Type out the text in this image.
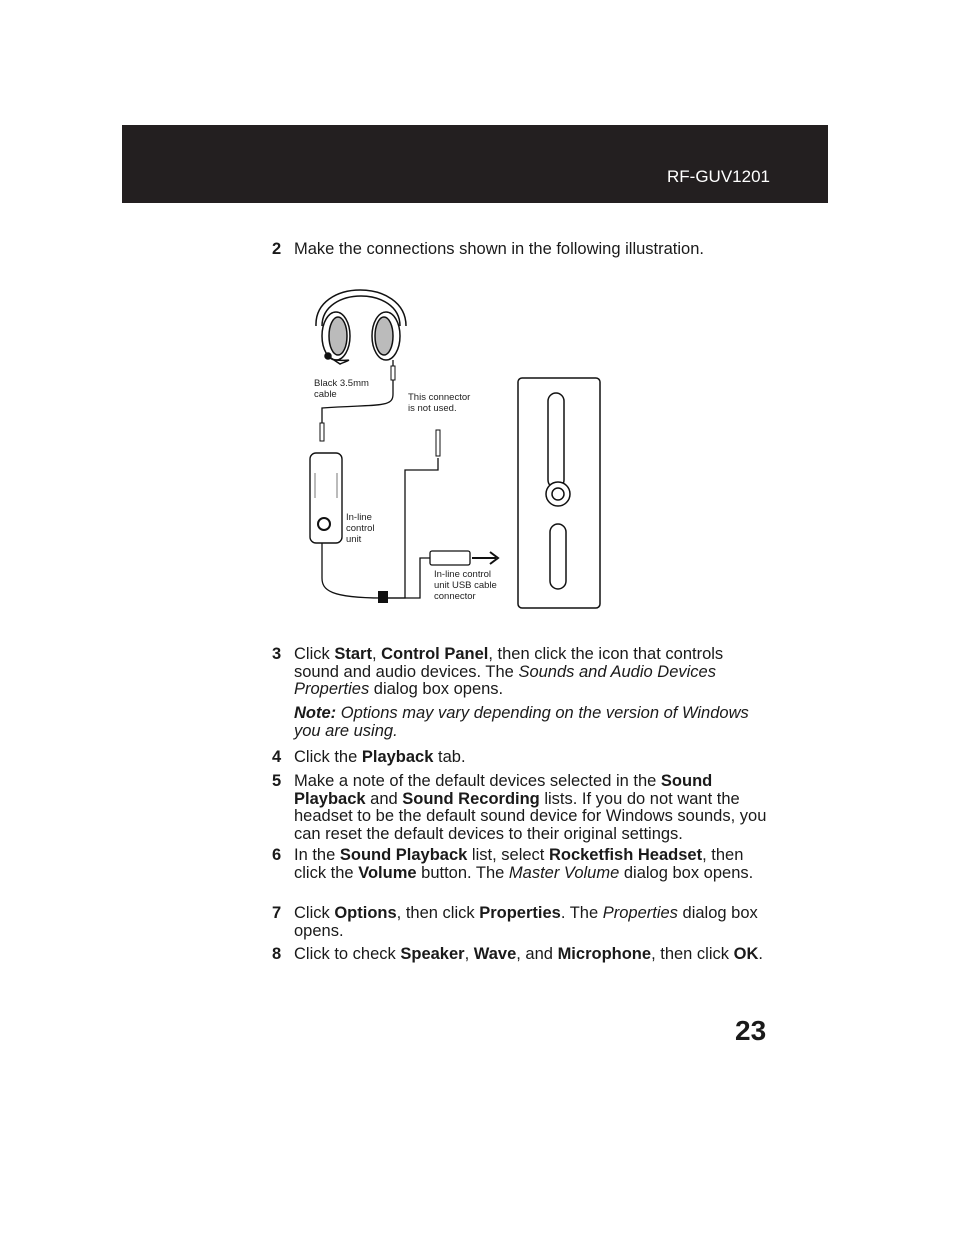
RF-GUV1201
2 Make the connections shown in the following illustration.
Black 3.5mm
cable	This connector
is not used.
In-line
control
unit
In-line control
unit USB cable
connector
3 Click Start, Control Panel, then click the icon that controls sound and audio devices. The Sounds and Audio Devices Properties dialog box opens.
Note: Options may vary depending on the version of Windows you are using.
4 Click the Playback tab.
5 Make a note of the default devices selected in the Sound Playback and Sound Recording lists. If you do not want the headset to be the default sound device for Windows sounds, you can reset the default devices to their original settings.
6 In the Sound Playback list, select Rocketfish Headset, then click the Volume button. The Master Volume dialog box opens.
7 Click Options, then click Properties. The Properties dialog box opens.
8 Click to check Speaker, Wave, and Microphone, then click OK.
23
